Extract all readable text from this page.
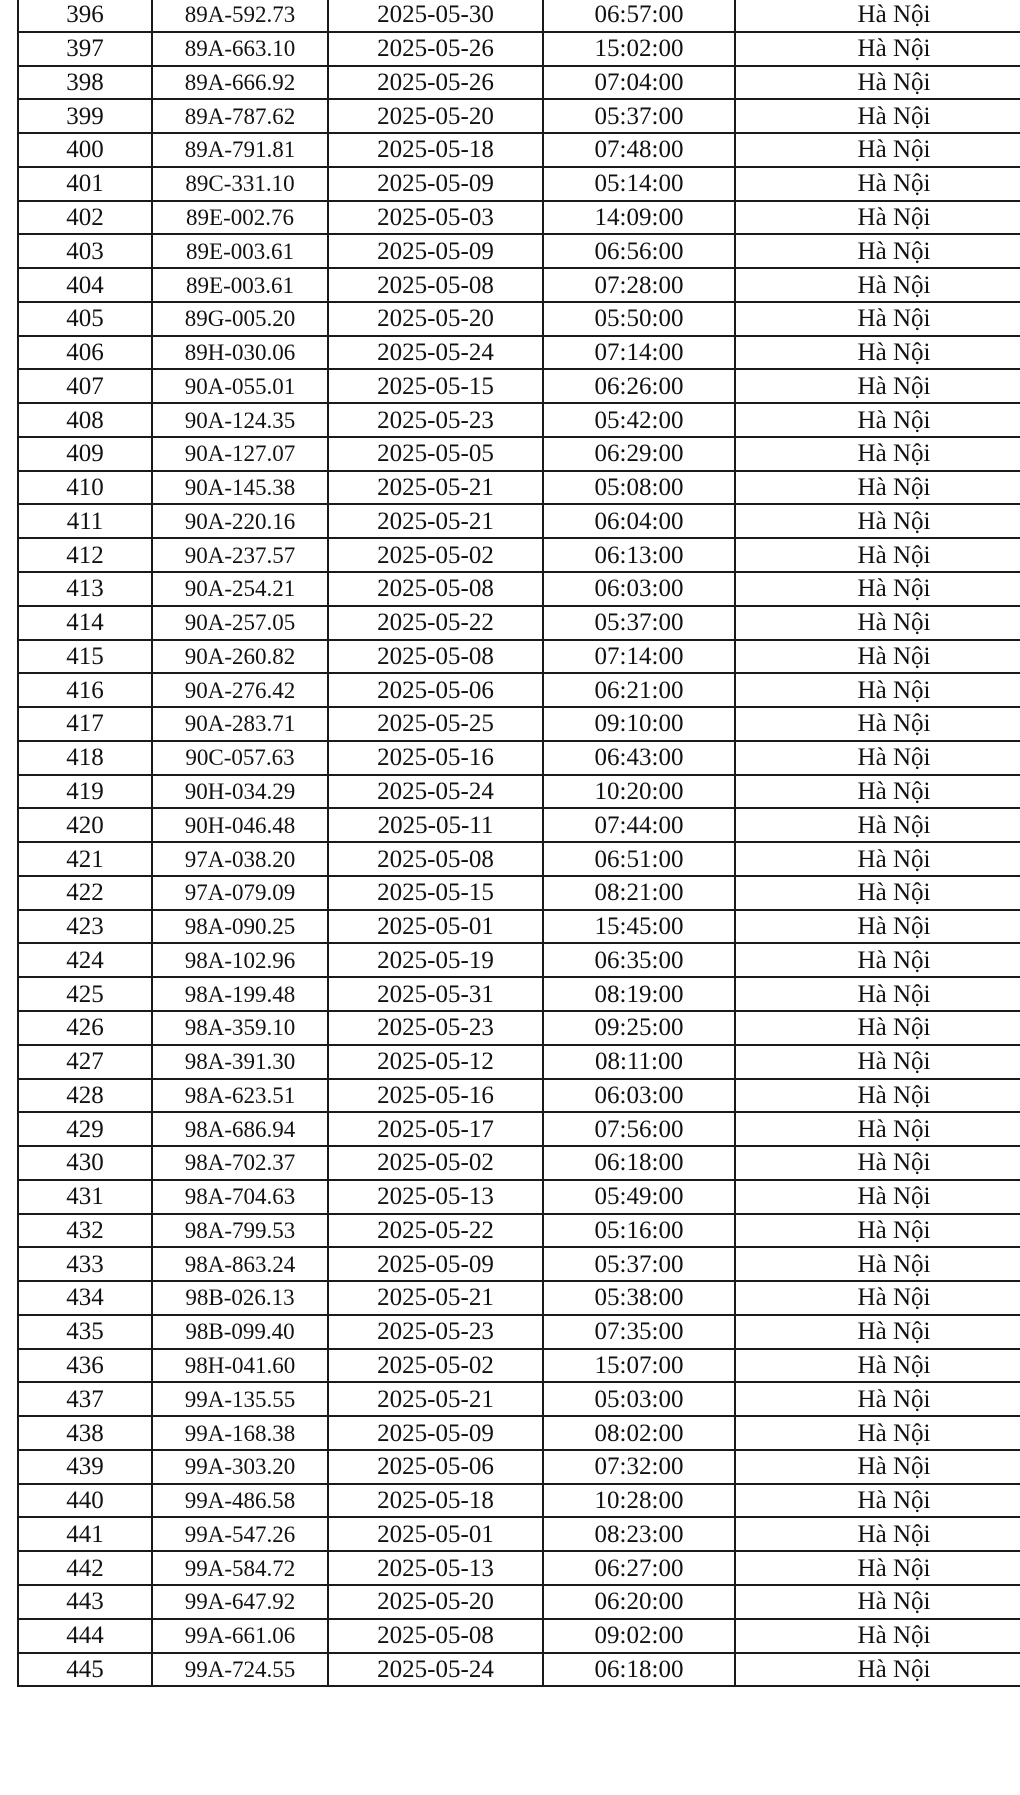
396	89A-592.73	2025-05-30	06:57:00	Hà Nội
397	89A-663.10	2025-05-26	15:02:00	Hà Nội
398	89A-666.92	2025-05-26	07:04:00	Hà Nội
399	89A-787.62	2025-05-20	05:37:00	Hà Nội
400	89A-791.81	2025-05-18	07:48:00	Hà Nội
401	89C-331.10	2025-05-09	05:14:00	Hà Nội
402	89E-002.76	2025-05-03	14:09:00	Hà Nội
403	89E-003.61	2025-05-09	06:56:00	Hà Nội
404	89E-003.61	2025-05-08	07:28:00	Hà Nội
405	89G-005.20	2025-05-20	05:50:00	Hà Nội
406	89H-030.06	2025-05-24	07:14:00	Hà Nội
407	90A-055.01	2025-05-15	06:26:00	Hà Nội
408	90A-124.35	2025-05-23	05:42:00	Hà Nội
409	90A-127.07	2025-05-05	06:29:00	Hà Nội
410	90A-145.38	2025-05-21	05:08:00	Hà Nội
411	90A-220.16	2025-05-21	06:04:00	Hà Nội
412	90A-237.57	2025-05-02	06:13:00	Hà Nội
413	90A-254.21	2025-05-08	06:03:00	Hà Nội
414	90A-257.05	2025-05-22	05:37:00	Hà Nội
415	90A-260.82	2025-05-08	07:14:00	Hà Nội
416	90A-276.42	2025-05-06	06:21:00	Hà Nội
417	90A-283.71	2025-05-25	09:10:00	Hà Nội
418	90C-057.63	2025-05-16	06:43:00	Hà Nội
419	90H-034.29	2025-05-24	10:20:00	Hà Nội
420	90H-046.48	2025-05-11	07:44:00	Hà Nội
421	97A-038.20	2025-05-08	06:51:00	Hà Nội
422	97A-079.09	2025-05-15	08:21:00	Hà Nội
423	98A-090.25	2025-05-01	15:45:00	Hà Nội
424	98A-102.96	2025-05-19	06:35:00	Hà Nội
425	98A-199.48	2025-05-31	08:19:00	Hà Nội
426	98A-359.10	2025-05-23	09:25:00	Hà Nội
427	98A-391.30	2025-05-12	08:11:00	Hà Nội
428	98A-623.51	2025-05-16	06:03:00	Hà Nội
429	98A-686.94	2025-05-17	07:56:00	Hà Nội
430	98A-702.37	2025-05-02	06:18:00	Hà Nội
431	98A-704.63	2025-05-13	05:49:00	Hà Nội
432	98A-799.53	2025-05-22	05:16:00	Hà Nội
433	98A-863.24	2025-05-09	05:37:00	Hà Nội
434	98B-026.13	2025-05-21	05:38:00	Hà Nội
435	98B-099.40	2025-05-23	07:35:00	Hà Nội
436	98H-041.60	2025-05-02	15:07:00	Hà Nội
437	99A-135.55	2025-05-21	05:03:00	Hà Nội
438	99A-168.38	2025-05-09	08:02:00	Hà Nội
439	99A-303.20	2025-05-06	07:32:00	Hà Nội
440	99A-486.58	2025-05-18	10:28:00	Hà Nội
441	99A-547.26	2025-05-01	08:23:00	Hà Nội
442	99A-584.72	2025-05-13	06:27:00	Hà Nội
443	99A-647.92	2025-05-20	06:20:00	Hà Nội
444	99A-661.06	2025-05-08	09:02:00	Hà Nội
445	99A-724.55	2025-05-24	06:18:00	Hà Nội
